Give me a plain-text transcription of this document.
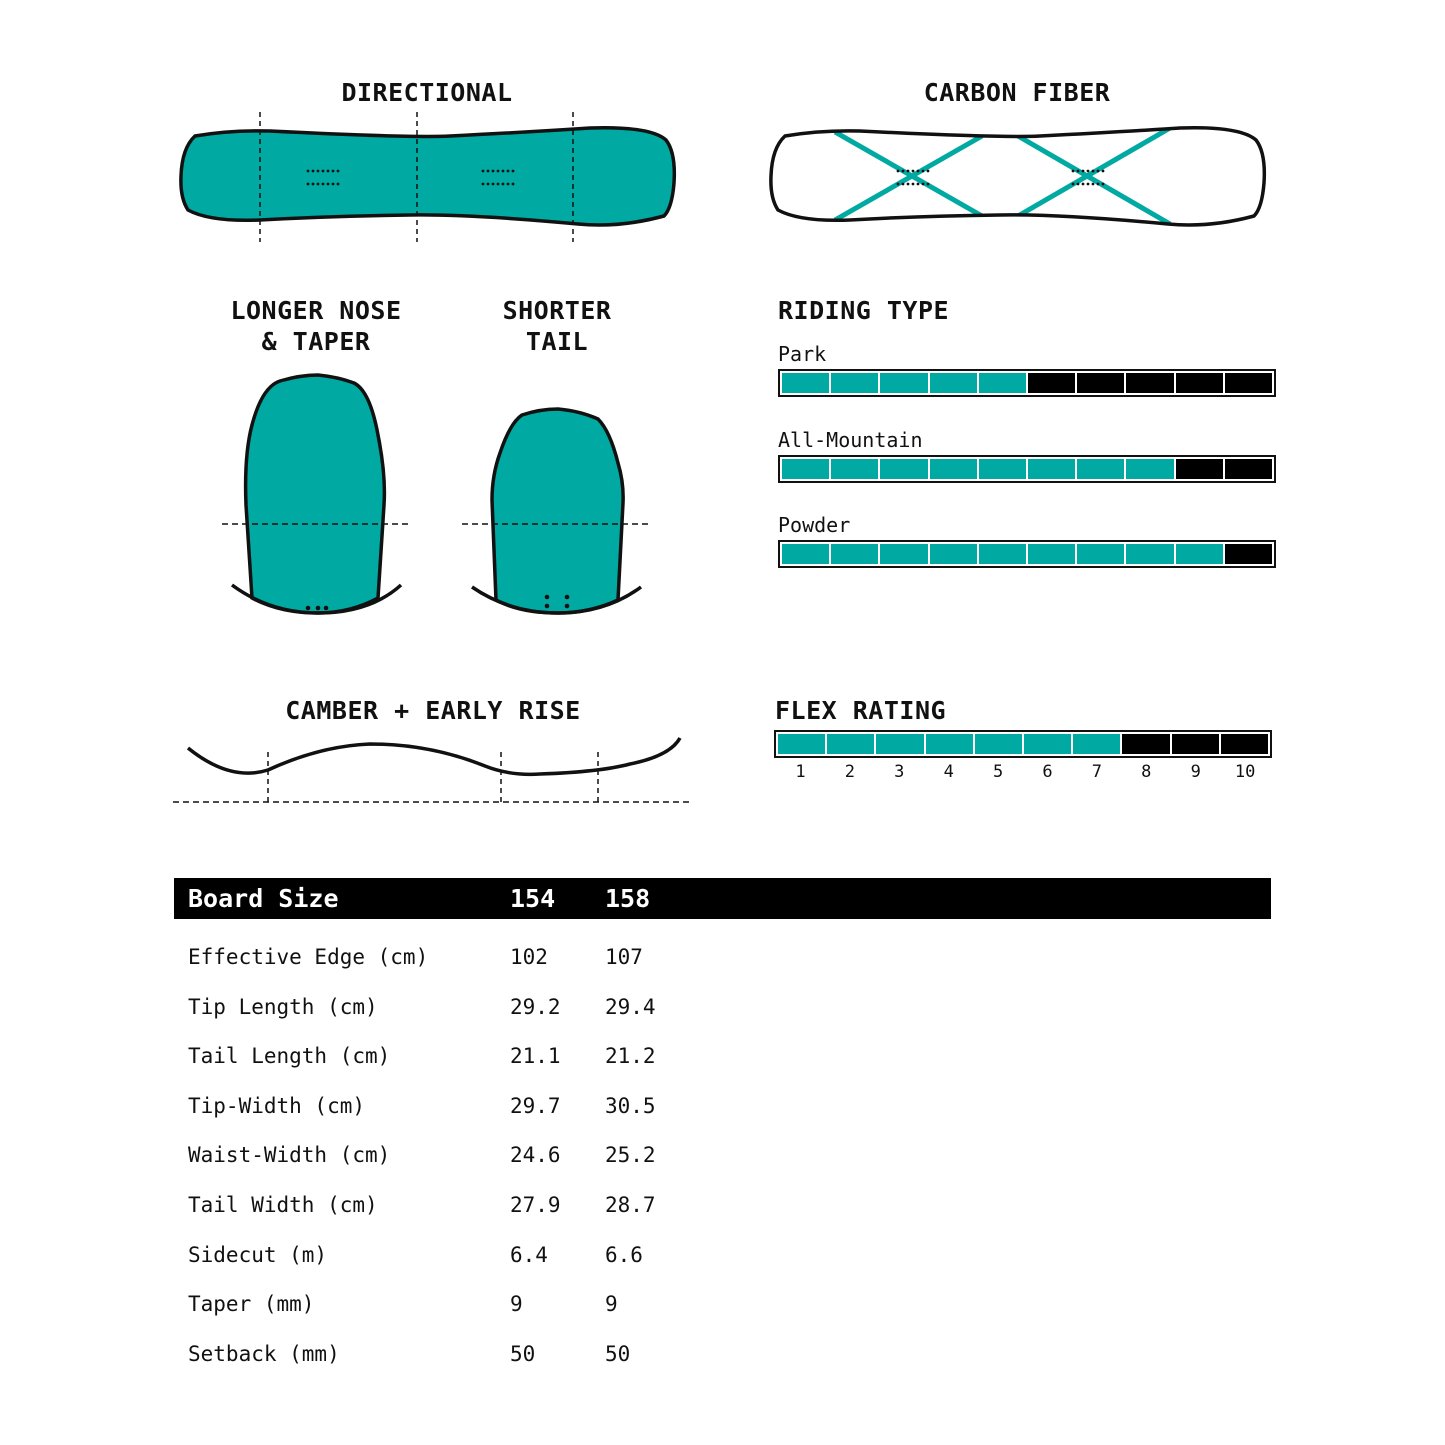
DIRECTIONAL	CARBON FIBER
LONGER NOSE
& TAPER
SHORTER
TAIL
RIDING TYPE
Park
All-Mountain
Powder
CAMBER + EARLY RISE	FLEX RATING
1	2	3	4	5	6	7	8	9	10
Board Size	154 158
Effective Edge (cm)	102	107
Tip Length (cm)	29.2 29.4
Tail Length (cm)	21.1 21.2
Tip-Width (cm)	29.7 30.5
Waist-Width (cm)	24.6 25.2
Tail Width (cm)	27.9 28.7
Sidecut (m)	6.4	6.6
Taper (mm)	9	9
Setback (mm)	50	50
